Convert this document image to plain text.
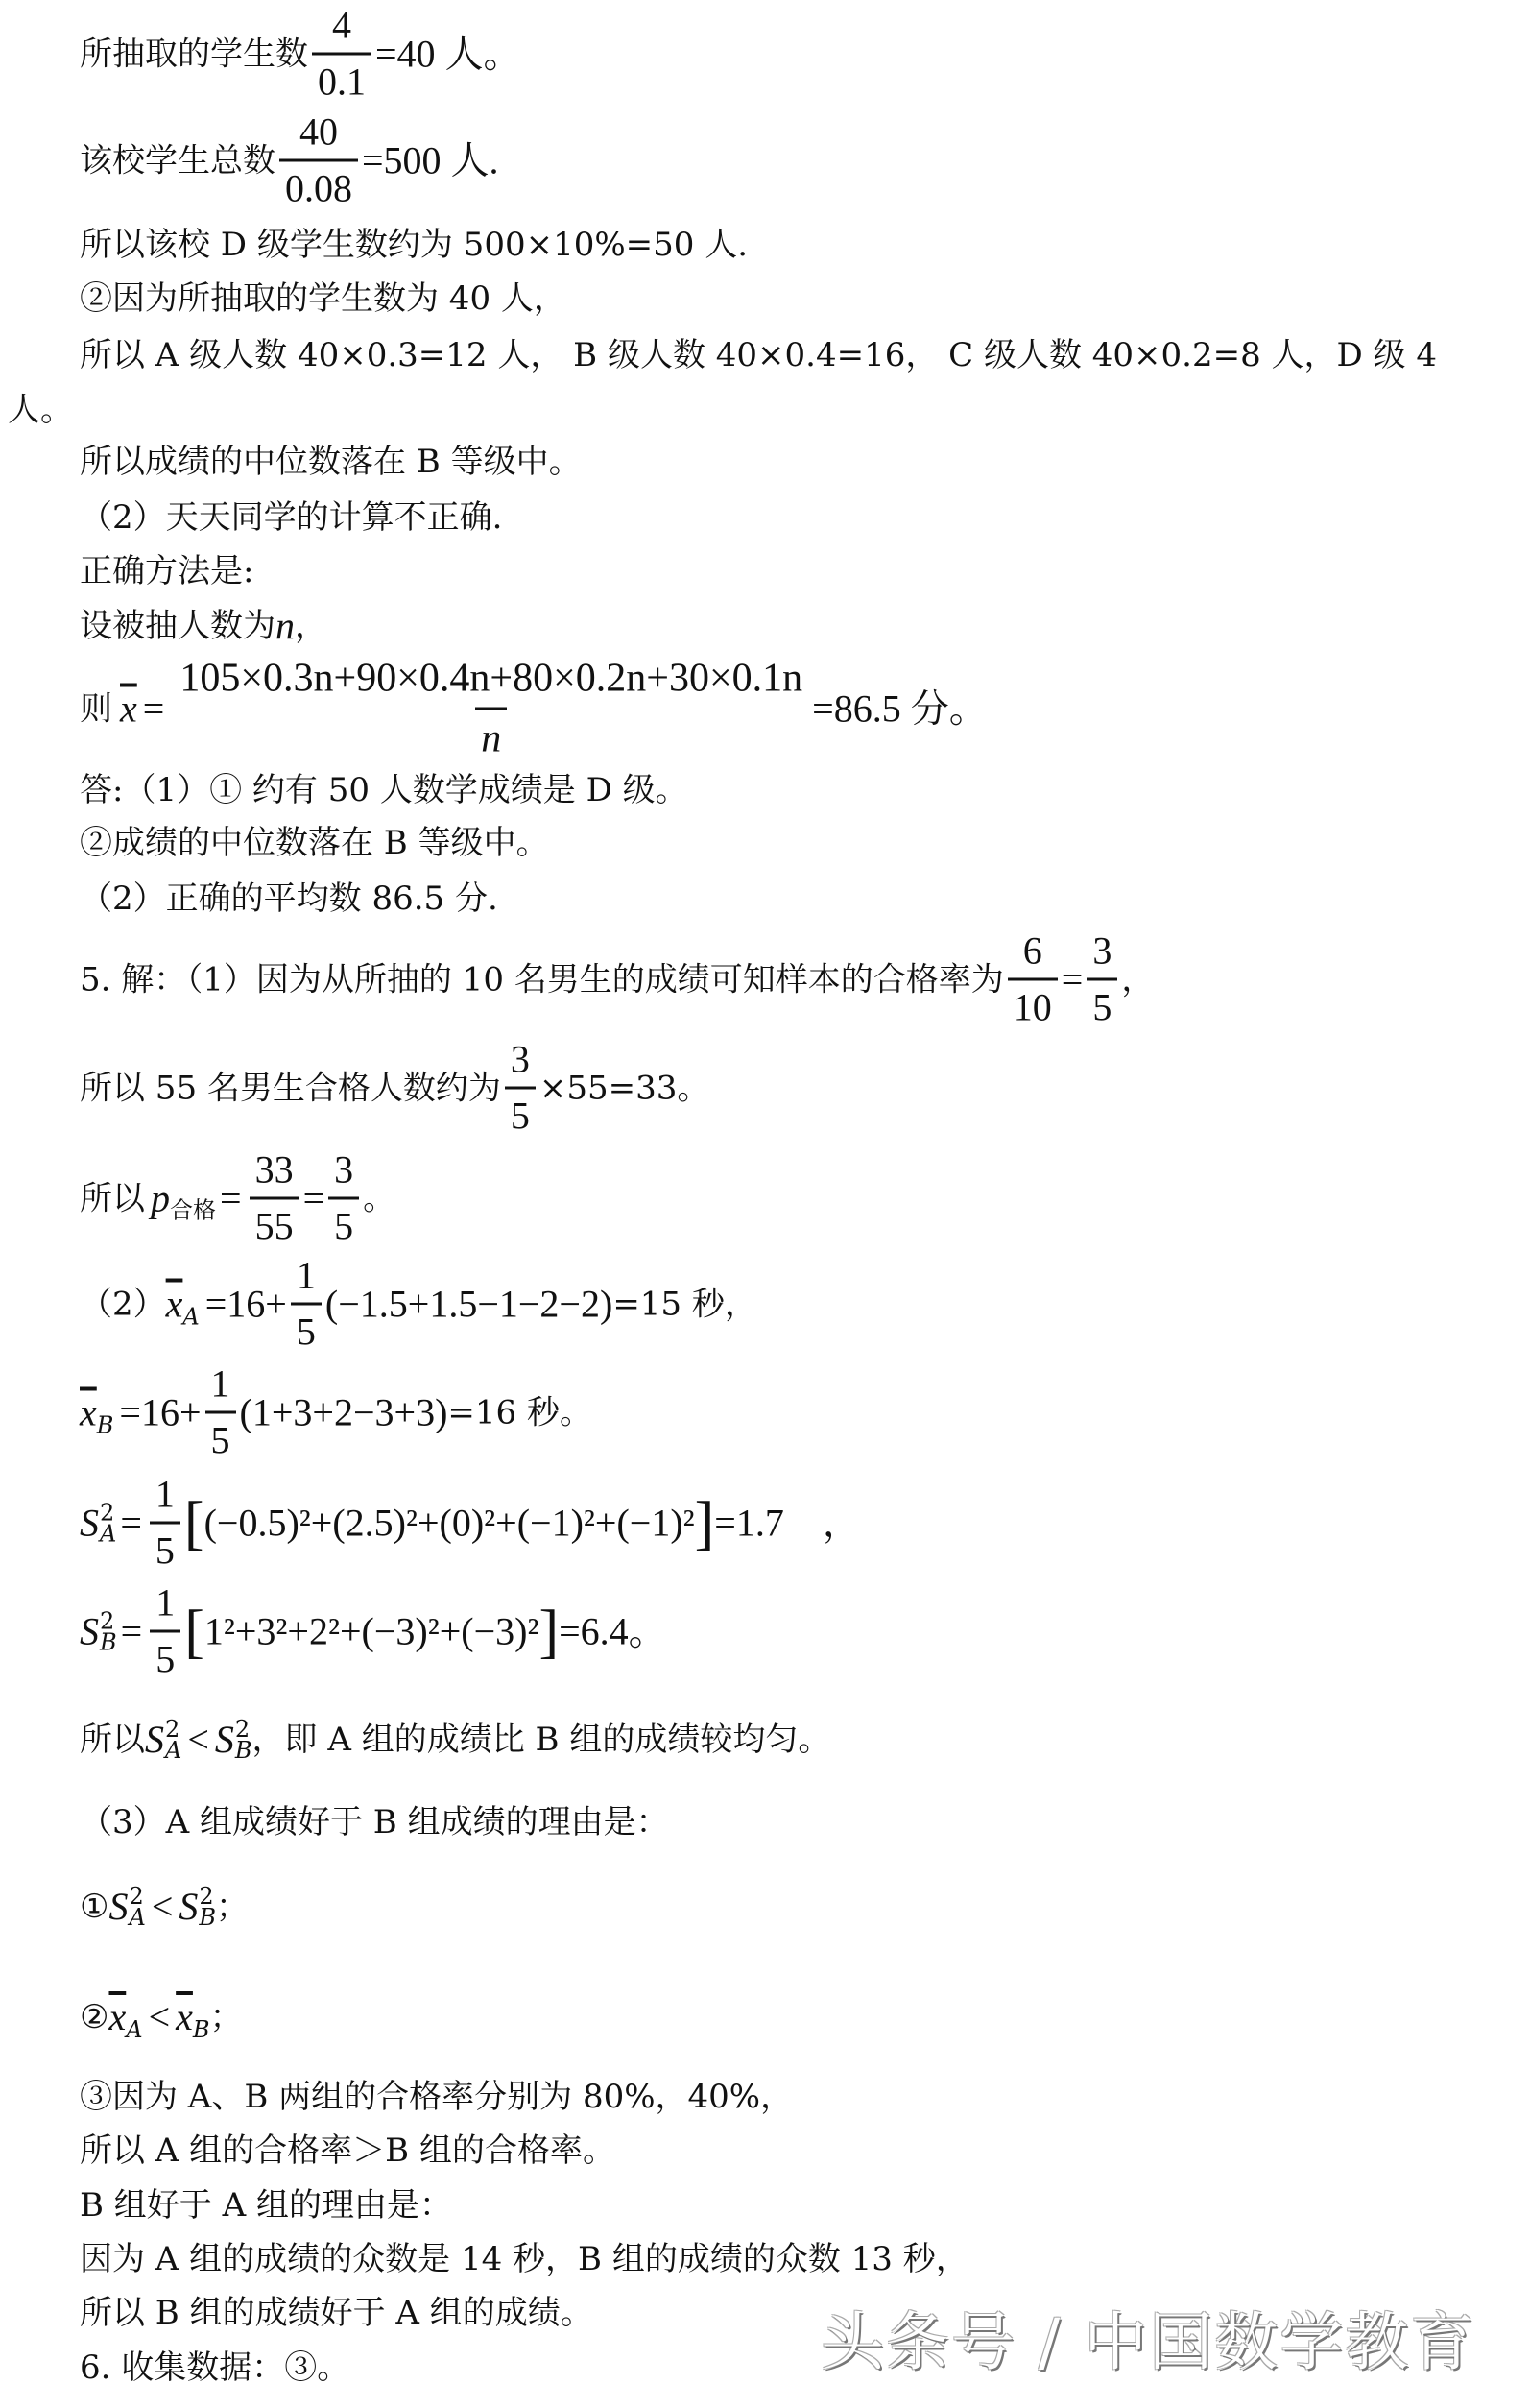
所抽取的学生数 $\frac{4}{0.1} =40$ 人。
该校学生总数 $\frac{40}{0.08} =500$ 人.
所以该校 D 级学生数约为 500×10%=50 人.
②因为所抽取的学生数为 40 人，
所以 A 级人数 40×0.3=12 人， B 级人数 40×0.4=16， C 级人数 40×0.2=8 人，D 级 4
人。
所以成绩的中位数落在 B 等级中。
（2）天天同学的计算不正确.
正确方法是:
设被抽人数为 n ，
则 $\overline{x} = \frac{105\times 0.3n+90\times 0.4n+80\times 0.2n+30\times 0.1n}{n} =86.5$ 分。
答:（1）① 约有 50 人数学成绩是 D 级。
②成绩的中位数落在 B 等级中。
（2）正确的平均数 86.5 分.
5. 解：（1）因为从所抽的 10 名男生的成绩可知样本的合格率为 $\frac{6}{10} = \frac{3}{5}$ ，
所以 55 名男生合格人数约为 $\frac{3}{5} \times 55=33$。
所以 p 合格 = $\frac{33}{55} = \frac{3}{5}$ 。
（2） $\overline{x}$ $A =16+ \frac{1}{5} (-1.5+1.5-1-2-2) =15$ 秒，
$\overline{x}$ $B =16+ \frac{1}{5} (1+3+2-3+3) =16$ 秒。
S 2
$A = \frac{1}{5}$ [ (−0.5)²+(2.5)²+(0)²+(−1)²+(−1)² ] =1.7　，
S 2
$B = \frac{1}{5}$ [ 1²+3²+2²+(−3)²+(−3)² ] =6.4。
所以 S 2
A < S 2
B ，即 A 组的成绩比 B 组的成绩较均匀。
（3）A 组成绩好于 B 组成绩的理由是：
① S 2
A < S 2
B ；
② $\overline{x}$ $A < \overline{x}$ B ；
③因为 A、B 两组的合格率分别为 80%，40%，
所以 A 组的合格率＞B 组的合格率。
B 组好于 A 组的理由是：
因为 A 组的成绩的众数是 14 秒，B 组的成绩的众数 13 秒，
所以 B 组的成绩好于 A 组的成绩。
6. 收集数据：③。	头条号 / 中国数学教育
